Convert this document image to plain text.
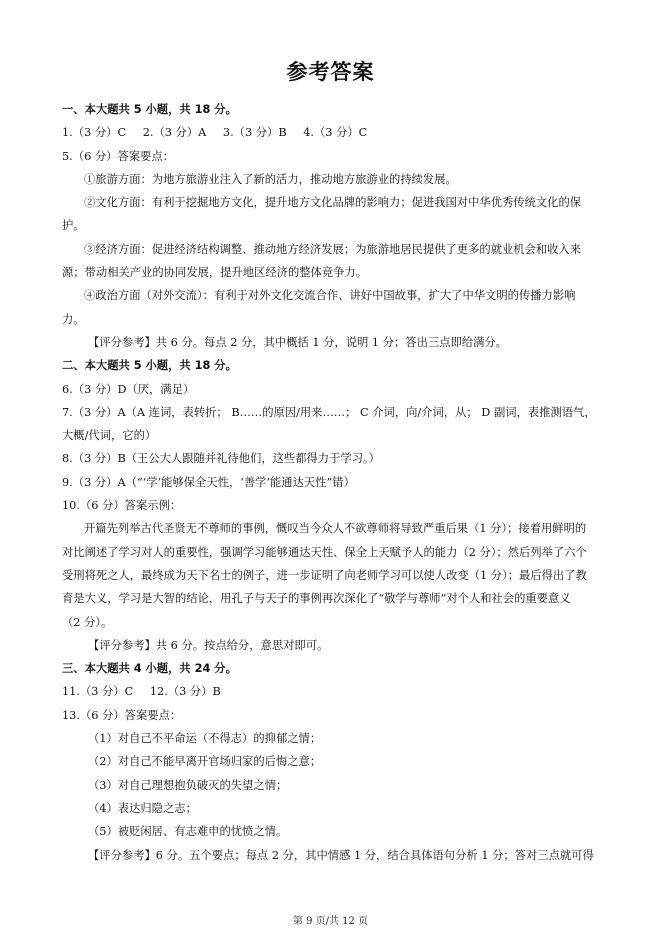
参考答案
一、本大题共 5 小题，共 18 分。
1.（3 分）C 2.（3 分）A 3.（3 分）B 4.（3 分）C
5.（6 分）答案要点：
①旅游方面：为地方旅游业注入了新的活力，推动地方旅游业的持续发展。
②文化方面：有利于挖掘地方文化，提升地方文化品牌的影响力；促进我国对中华优秀传统文化的保
护。
③经济方面：促进经济结构调整、推动地方经济发展；为旅游地居民提供了更多的就业机会和收入来
源；带动相关产业的协同发展，提升地区经济的整体竞争力。
④政治方面（对外交流）：有利于对外文化交流合作、讲好中国故事，扩大了中华文明的传播力影响
力。
【评分参考】共 6 分。每点 2 分，其中概括 1 分，说明 1 分；答出三点即给满分。
二、本大题共 5 小题，共 18 分。
6.（3 分）D（厌，满足）
7.（3 分）A（A 连词，表转折； B……的原因/用来……； C 介词，向/介词，从； D 副词，表推测语气，
大概/代词，它的）
8.（3 分）B（王公大人跟随并礼待他们，这些都得力于学习。）
9.（3 分）A（“‘学’能够保全天性，‘善学’能通达天性”错）
10.（6 分）答案示例：
开篇先列举古代圣贤无不尊师的事例，慨叹当今众人不欲尊师将导致严重后果（1 分）；接着用鲜明的
对比阐述了学习对人的重要性，强调学习能够通达天性、保全上天赋予人的能力（2 分）；然后列举了六个
受刑将死之人，最终成为天下名士的例子，进一步证明了向老师学习可以使人改变（1 分）；最后得出了教
育是大义，学习是大智的结论，用孔子与天子的事例再次深化了“敬学与尊师”对个人和社会的重要意义
（2 分）。
【评分参考】共 6 分。按点给分，意思对即可。
三、本大题共 4 小题，共 24 分。
11.（3 分）C 12.（3 分）B
13.（6 分）答案要点：
（1）对自己不平命运（不得志）的抑郁之情；
（2）对自己不能早离开官场归家的后悔之意；
（3）对自己理想抱负破灭的失望之情；
（4）表达归隐之志；
（5）被贬闲居、有志难申的忧愤之情。
【评分参考】6 分。五个要点；每点 2 分，其中情感 1 分，结合具体语句分析 1 分；答对三点就可得
第 9 页/共 12 页
